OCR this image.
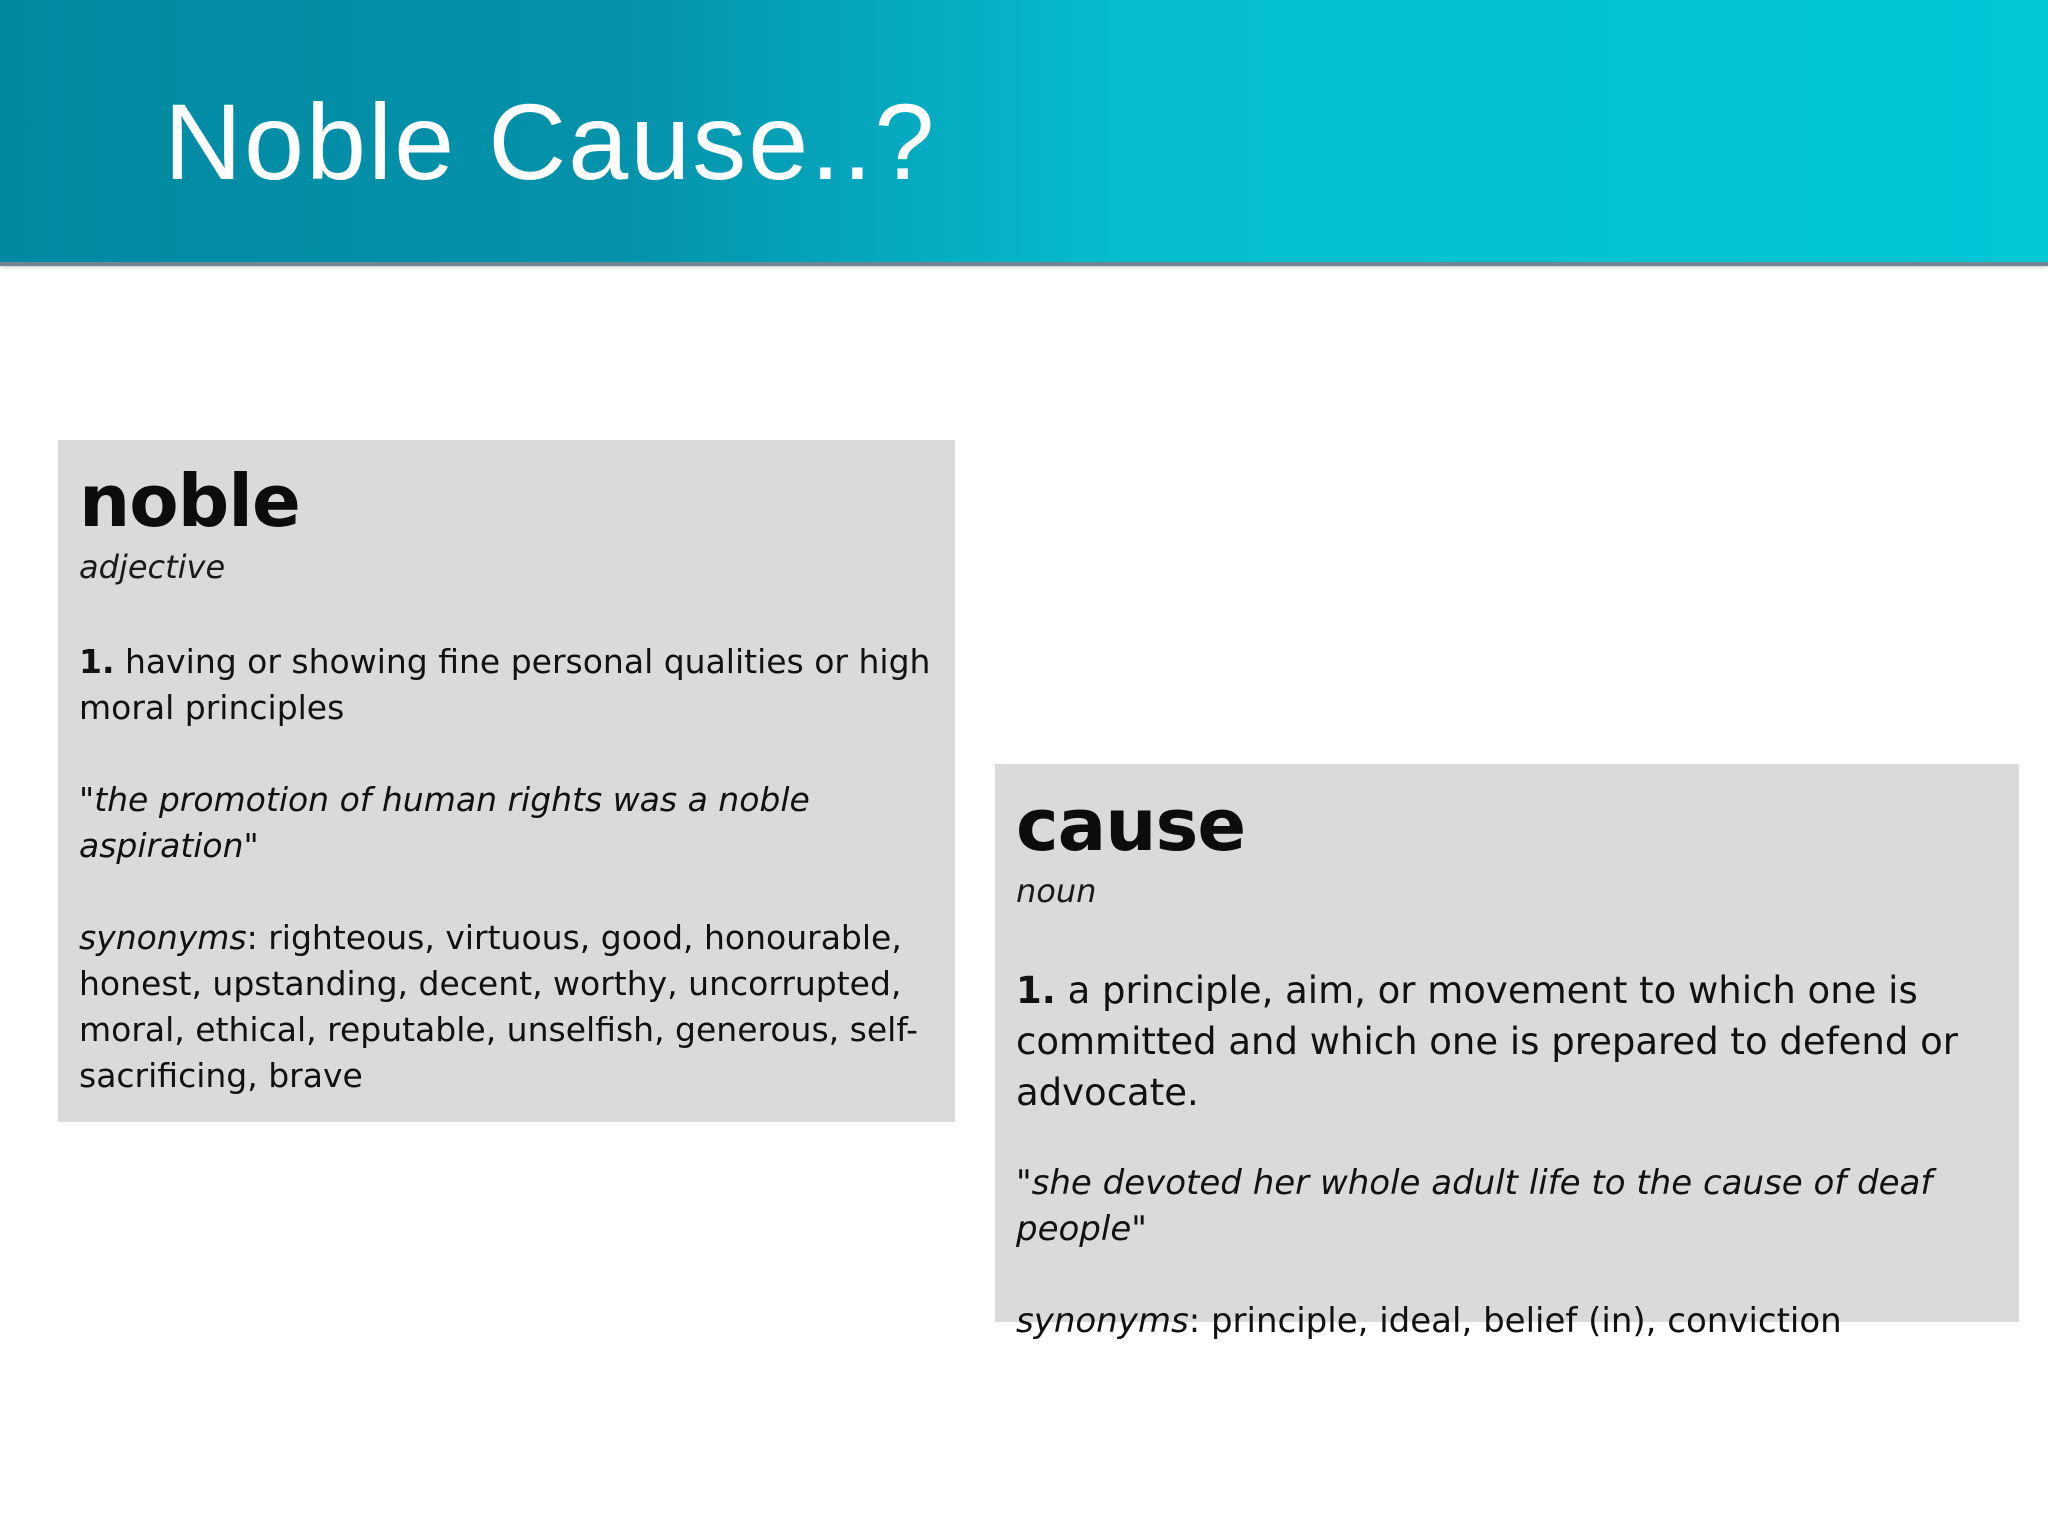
Noble Cause..?
noble

adjective

1. having or showing fine personal qualities or high moral principles

"the promotion of human rights was a noble aspiration"

synonyms: righteous, virtuous, good, honourable, honest, upstanding, decent, worthy, uncorrupted, moral, ethical, reputable, unselfish, generous, self-sacrificing, brave

cause

noun

1. a principle, aim, or movement to which one is committed and which one is prepared to defend or advocate.

"she devoted her whole adult life to the cause of deaf people"

synonyms: principle, ideal, belief (in), conviction
